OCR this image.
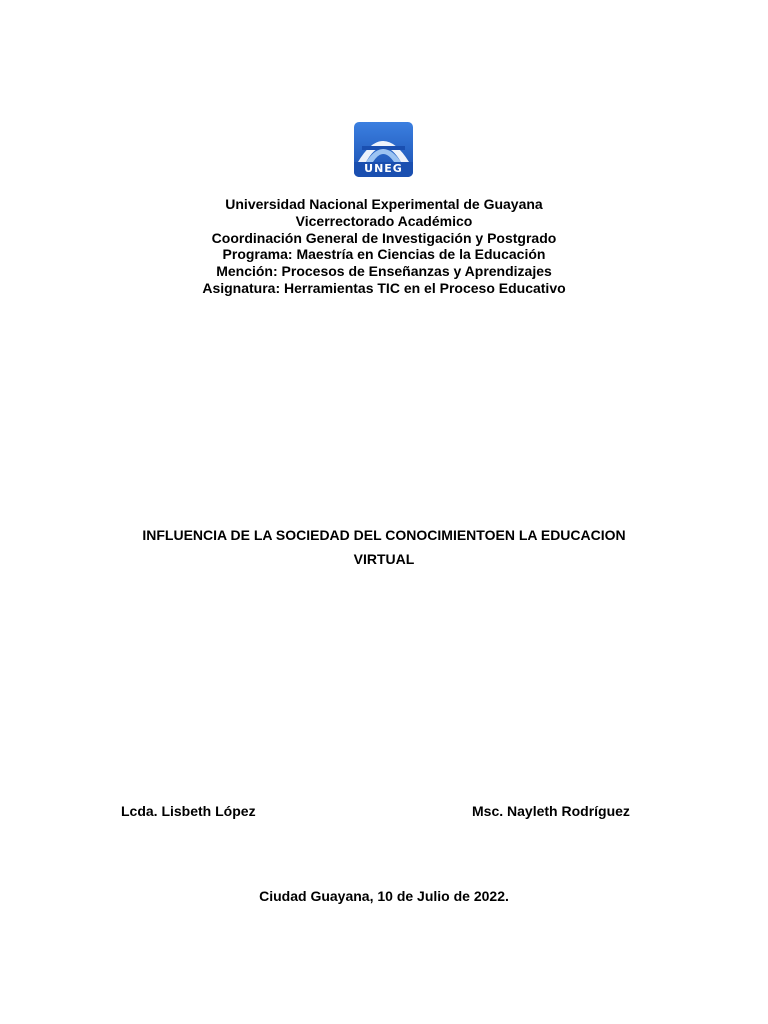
UNEG
Universidad Nacional Experimental de Guayana
Vicerrectorado Académico
Coordinación General de Investigación y Postgrado
Programa: Maestría en Ciencias de la Educación
Mención: Procesos de Enseñanzas y Aprendizajes
Asignatura: Herramientas TIC en el Proceso Educativo
INFLUENCIA DE LA SOCIEDAD DEL CONOCIMIENTOEN LA EDUCACION
VIRTUAL
Lcda. Lisbeth López	Msc. Nayleth Rodríguez
Ciudad Guayana, 10 de Julio de 2022.
